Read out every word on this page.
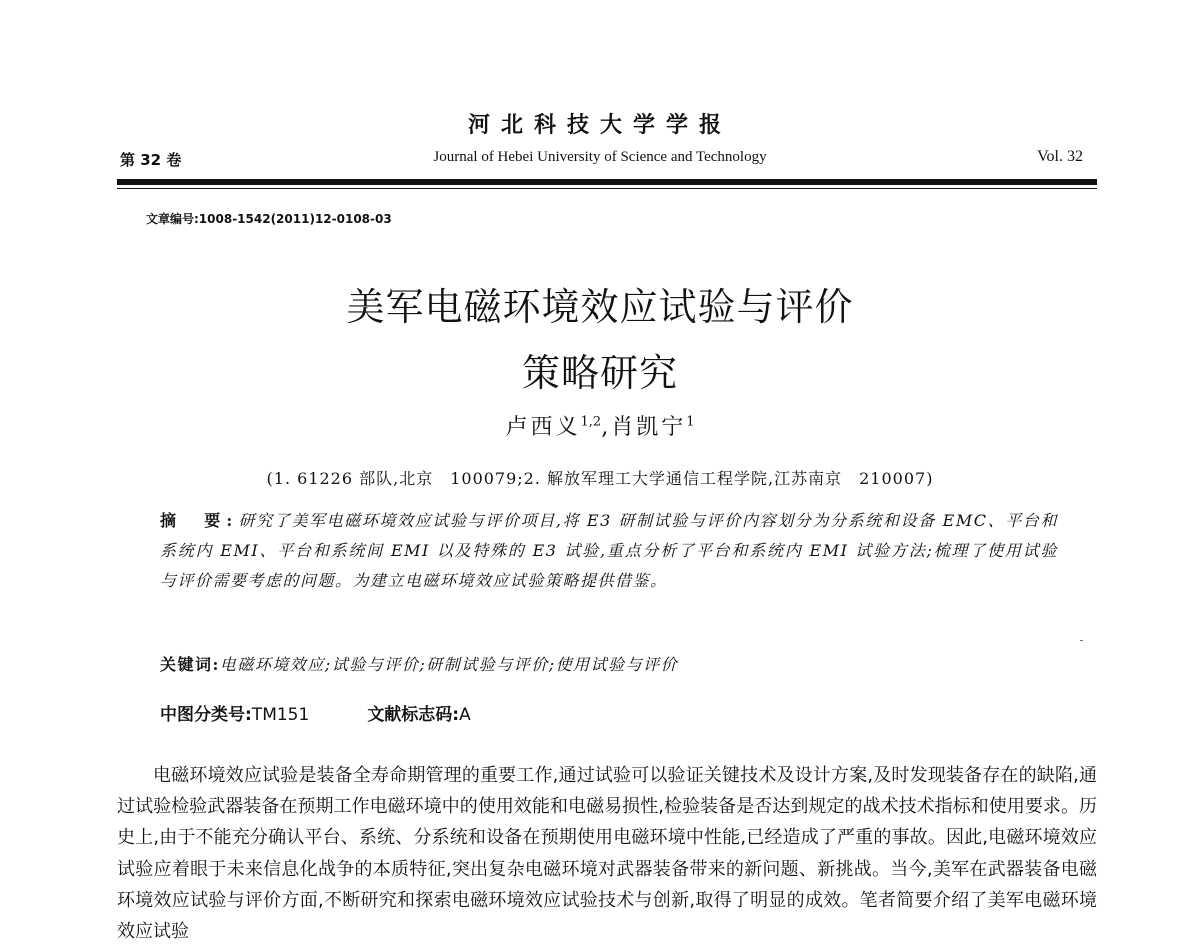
河北科技大学学报
第 32 卷	Journal of Hebei University of Science and Technology	Vol. 32
文章编号:1008-1542(2011)12-0108-03
美军电磁环境效应试验与评价
策略研究
卢西义$^{1,2}$,肖凯宁$^1$
(1. 61226 部队,北京　100079;2. 解放军理工大学通信工程学院,江苏南京　210007)
摘　要:研究了美军电磁环境效应试验与评价项目,将 E3 研制试验与评价内容划分为分系统和设备 EMC、平台和系统内 EMI、平台和系统间 EMI 以及特殊的 E3 试验,重点分析了平台和系统内 EMI 试验方法;梳理了使用试验与评价需要考虑的问题。为建立电磁环境效应试验策略提供借鉴。
关键词:电磁环境效应;试验与评价;研制试验与评价;使用试验与评价
中图分类号:TM151	文献标志码:A
电磁环境效应试验是装备全寿命期管理的重要工作,通过试验可以验证关键技术及设计方案,及时发现装备存在的缺陷,通过试验检验武器装备在预期工作电磁环境中的使用效能和电磁易损性,检验装备是否达到规定的战术技术指标和使用要求。历史上,由于不能充分确认平台、系统、分系统和设备在预期使用电磁环境中性能,已经造成了严重的事故。因此,电磁环境效应试验应着眼于未来信息化战争的本质特征,突出复杂电磁环境对武器装备带来的新问题、新挑战。当今,美军在武器装备电磁环境效应试验与评价方面,不断研究和探索电磁环境效应试验技术与创新,取得了明显的成效。笔者简要介绍了美军电磁环境效应试验
